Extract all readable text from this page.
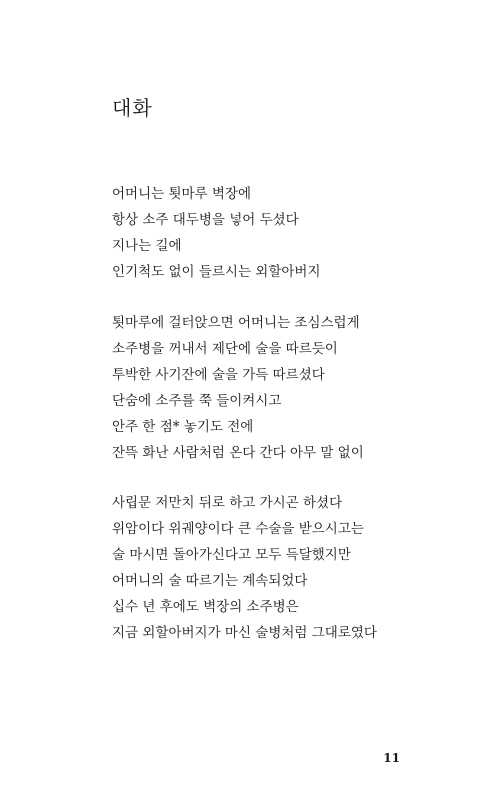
대화
어머니는 툇마루 벽장에
항상 소주 대두병을 넣어 두셨다
지나는 길에
인기척도 없이 들르시는 외할아버지
툇마루에 걸터앉으면 어머니는 조심스럽게
소주병을 꺼내서 제단에 술을 따르듯이
투박한 사기잔에 술을 가득 따르셨다
단숨에 소주를 쭉 들이켜시고
안주 한 점* 놓기도 전에
잔뜩 화난 사람처럼 온다 간다 아무 말 없이
사립문 저만치 뒤로 하고 가시곤 하셨다
위암이다 위궤양이다 큰 수술을 받으시고는
술 마시면 돌아가신다고 모두 득달했지만
어머니의 술 따르기는 계속되었다
십수 년 후에도 벽장의 소주병은
지금 외할아버지가 마신 술병처럼 그대로였다
11
